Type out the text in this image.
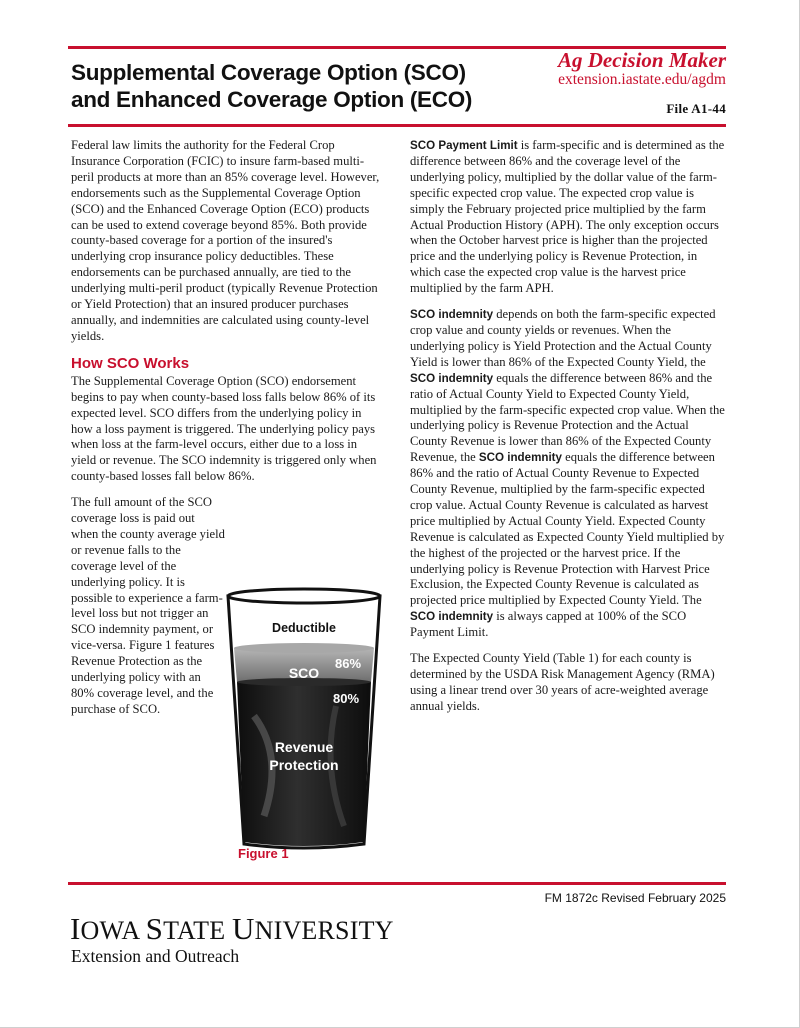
Supplemental Coverage Option (SCO)
and Enhanced Coverage Option (ECO)
Ag Decision Maker
extension.iastate.edu/agdm
File A1-44

Federal law limits the authority for the Federal Crop Insurance Corporation (FCIC) to insure farm-based multi-peril products at more than an 85% coverage level. However, endorsements such as the Supplemental Coverage Option (SCO) and the Enhanced Coverage Option (ECO) products can be used to extend coverage beyond 85%. Both provide county-based coverage for a portion of the insured's underlying crop insurance policy deductibles. These endorsements can be purchased annually, are tied to the underlying multi-peril product (typically Revenue Protection or Yield Protection) that an insured producer purchases annually, and indemnities are calculated using county-level yields.

How SCO Works

The Supplemental Coverage Option (SCO) endorsement begins to pay when county-based loss falls below 86% of its expected level. SCO differs from the underlying policy in how a loss payment is triggered. The underlying policy pays when loss at the farm-level occurs, either due to a loss in yield or revenue. The SCO indemnity is triggered only when county-based losses fall below 86%.

The full amount of the SCO coverage loss is paid out when the county average yield or revenue falls to the coverage level of the underlying policy. It is possible to experience a farm-level loss but not trigger an SCO indemnity payment, or vice-versa. Figure 1 features Revenue Protection as the underlying policy with an 80% coverage level, and the purchase of SCO.

Deductible
SCO
86%
80%
Revenue
Protection
Figure 1

SCO Payment Limit is farm-specific and is determined as the difference between 86% and the coverage level of the underlying policy, multiplied by the dollar value of the farm-specific expected crop value. The expected crop value is simply the February projected price multiplied by the farm Actual Production History (APH). The only exception occurs when the October harvest price is higher than the projected price and the underlying policy is Revenue Protection, in which case the expected crop value is the harvest price multiplied by the farm APH.

SCO indemnity depends on both the farm-specific expected crop value and county yields or revenues. When the underlying policy is Yield Protection and the Actual County Yield is lower than 86% of the Expected County Yield, the SCO indemnity equals the difference between 86% and the ratio of Actual County Yield to Expected County Yield, multiplied by the farm-specific expected crop value. When the underlying policy is Revenue Protection and the Actual County Revenue is lower than 86% of the Expected County Revenue, the SCO indemnity equals the difference between 86% and the ratio of Actual County Revenue to Expected County Revenue, multiplied by the farm-specific expected crop value. Actual County Revenue is calculated as harvest price multiplied by Actual County Yield. Expected County Revenue is calculated as Expected County Yield multiplied by the highest of the projected or the harvest price. If the underlying policy is Revenue Protection with Harvest Price Exclusion, the Expected County Revenue is calculated as projected price multiplied by Expected County Yield. The SCO indemnity is always capped at 100% of the SCO Payment Limit.

The Expected County Yield (Table 1) for each county is determined by the USDA Risk Management Agency (RMA) using a linear trend over 30 years of acre-weighted average annual yields.

FM 1872c Revised February 2025
IOWA STATE UNIVERSITY
Extension and Outreach
